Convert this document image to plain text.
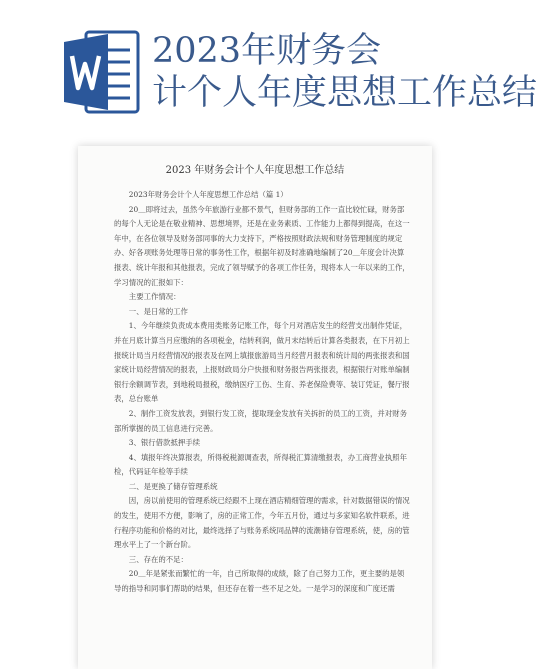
2023年财务会
计个人年度思想工作总结
2023 年财务会计个人年度思想工作总结

2023年财务会计个人年度思想工作总结（篇 1）

20＿即将过去，虽然今年旅游行业都不景气，但财务部的工作一直比较忙碌，财务部的每个人无论是在敬业精神、思想境界，还是在业务素质、工作能力上都得到提高，在这一年中，在各位领导及财务部同事的大力支持下，严格按照财政法规和财务管理制度的规定办、好各项账务处理等日常的事务性工作，根据年初及时准确地编制了20＿年度会计决算报表、统计年报和其他报表，完成了领导赋予的各项工作任务，现将本人一年以来的工作，学习情况的汇报如下：

主要工作情况：

一、是日常的工作

1、今年继续负责成本费用类账务记账工作，每个月对酒店发生的经营支出制作凭证，并在月底计算当月应缴纳的各项税金，结转利润，做月末结转后计算各类报表，在下月初上报统计局当月经营情况的报表及在网上填报旅游局当月经营月报表和统计局的两张报表和国家统计局经营情况的报表，上报财政局分户快报和财务报告两张报表，根据银行对账单编制银行余额调节表，到地税局报税，缴纳医疗工伤、生育、养老保险费等、装订凭证，餐厅报表，总台账单

2、制作工资发放表，到银行发工资，提取现金发放有关拆折的员工的工资，并对财务部所掌握的员工信息进行完善。

3、银行借款抵押手续

4、填报年终决算报表，所得税税源调查表，所得税汇算清缴报表，办工商营业执照年检，代码证年检等手续

二、是更换了储存管理系统

因，房以前使用的管理系统已经跟不上现在酒店精细管理的需求，针对数据错误的情况的发生，使用不方便，影响了，房的正常工作，今年五月份，通过与多家知名软件联系，进行程序功能和价格的对比，最终选择了与账务系统同品牌的流潮储存管理系统，使，房的管理水平上了一个新台阶。

三、存在的不足：

20＿年是紧张而繁忙的一年，自己所取得的成绩，除了自己努力工作，更主要的是领导的指导和同事们帮助的结果，但还存在着一些不足之处。一是学习的深度和广度还需
